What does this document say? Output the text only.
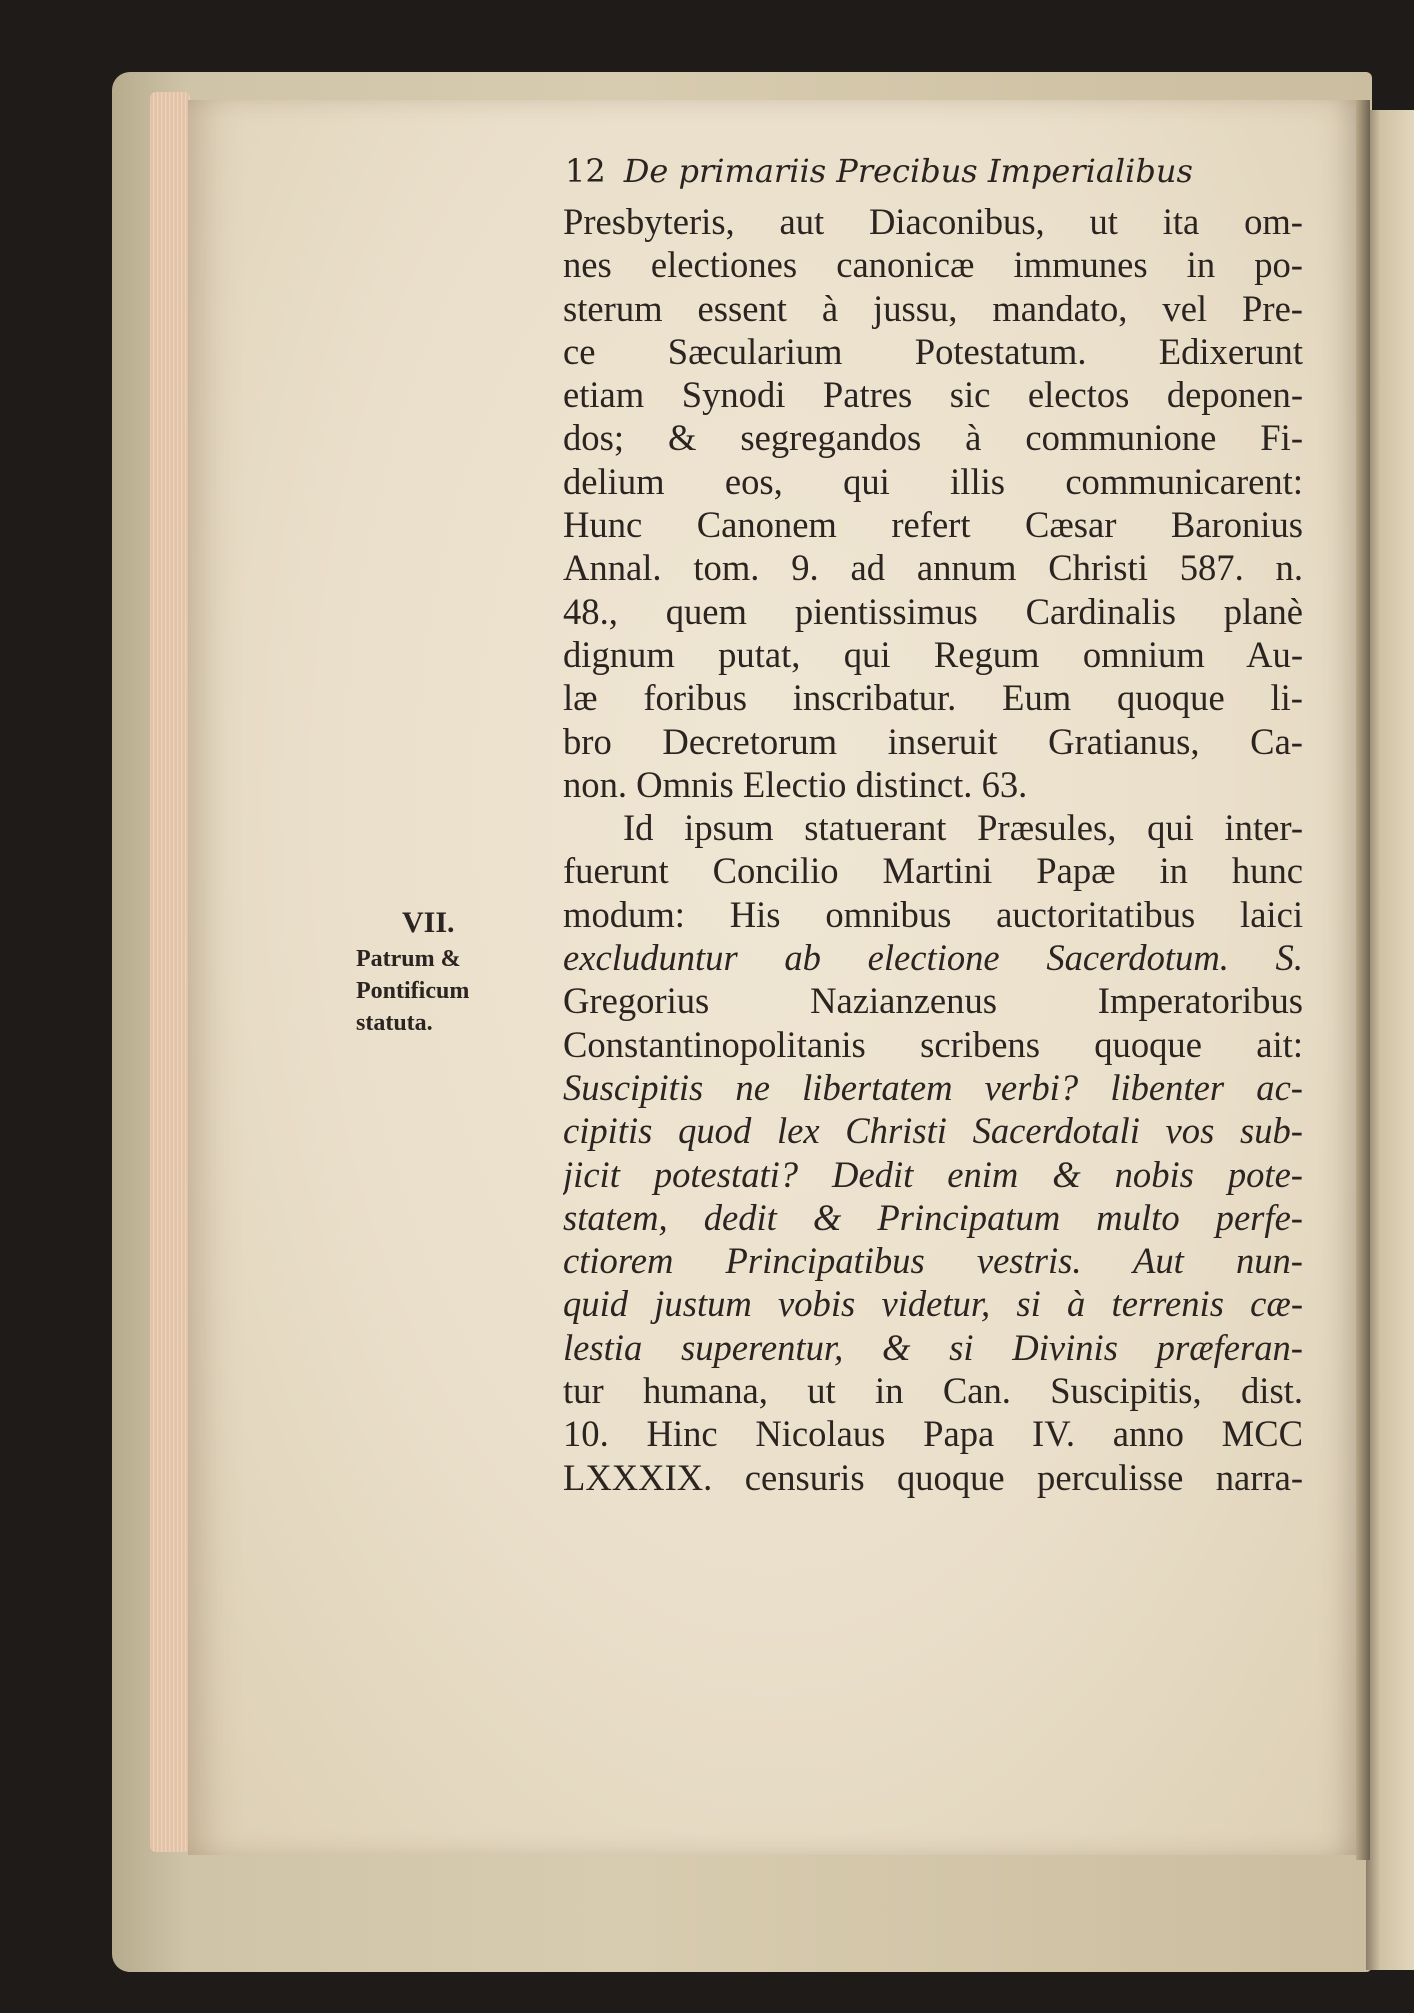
12 De primariis Precibus Imperialibus
Presbyteris, aut Diaconibus, ut ita om-
nes electiones canonicæ immunes in po-
sterum essent à jussu, mandato, vel Pre-
ce Sæcularium Potestatum. Edixerunt
etiam Synodi Patres sic electos deponen-
dos; & segregandos à communione Fi-
delium eos, qui illis communicarent:
Hunc Canonem refert Cæsar Baronius
Annal. tom. 9. ad annum Christi 587. n.
48., quem pientissimus Cardinalis planè
dignum putat, qui Regum omnium Au-
læ foribus inscribatur. Eum quoque li-
bro Decretorum inseruit Gratianus, Ca-
non. Omnis Electio distinct. 63.
Id ipsum statuerant Præsules, qui inter-
fuerunt Concilio Martini Papæ in hunc
modum: His omnibus auctoritatibus laici
excluduntur ab electione Sacerdotum. S.
Gregorius Nazianzenus Imperatoribus
Constantinopolitanis scribens quoque ait:
Suscipitis ne libertatem verbi? libenter ac-
cipitis quod lex Christi Sacerdotali vos sub-
jicit potestati? Dedit enim & nobis pote-
statem, dedit & Principatum multo perfe-
ctiorem Principatibus vestris. Aut nun-
quid justum vobis videtur, si à terrenis cæ-
lestia superentur, & si Divinis præferan-
tur humana, ut in Can. Suscipitis, dist.
10. Hinc Nicolaus Papa IV. anno MCC
LXXXIX. censuris quoque perculisse narra-
VII.
Patrum &
Pontificum
statuta.
